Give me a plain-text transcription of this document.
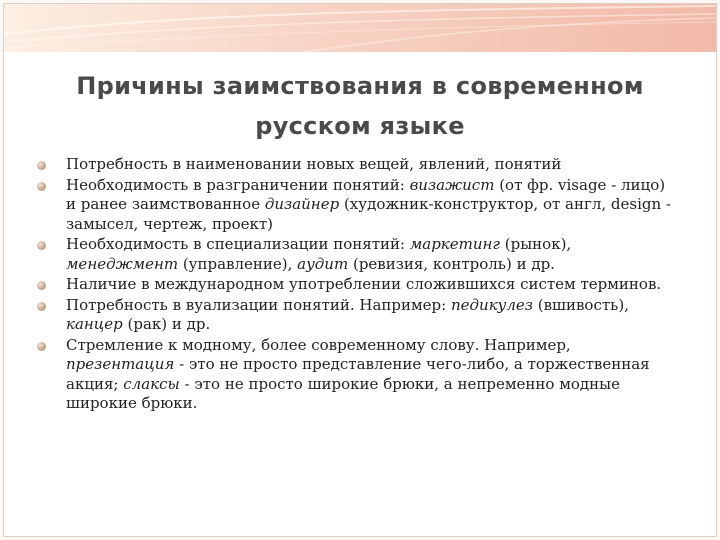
Причины заимствования в современном русском языке
Потребность в наименовании новых вещей, явлений, понятий
Необходимость в разграничении понятий: визажист (от фр. visage - лицо) и ранее заимствованное дизайнер (художник-конструктор, от англ, design - замысел, чертеж, проект)
Необходимость в специализации понятий: маркетинг (рынок), менеджмент (управление), аудит (ревизия, контроль) и др.
Наличие в международном употреблении сложившихся систем терминов.
Потребность в вуализации понятий. Например: педикулез (вшивость), канцер (рак) и др.
Стремление к модному, более современному слову. Например, презентация - это не просто представление чего-либо, а торжественная акция; слаксы - это не просто широкие брюки, а непременно модные широкие брюки.
